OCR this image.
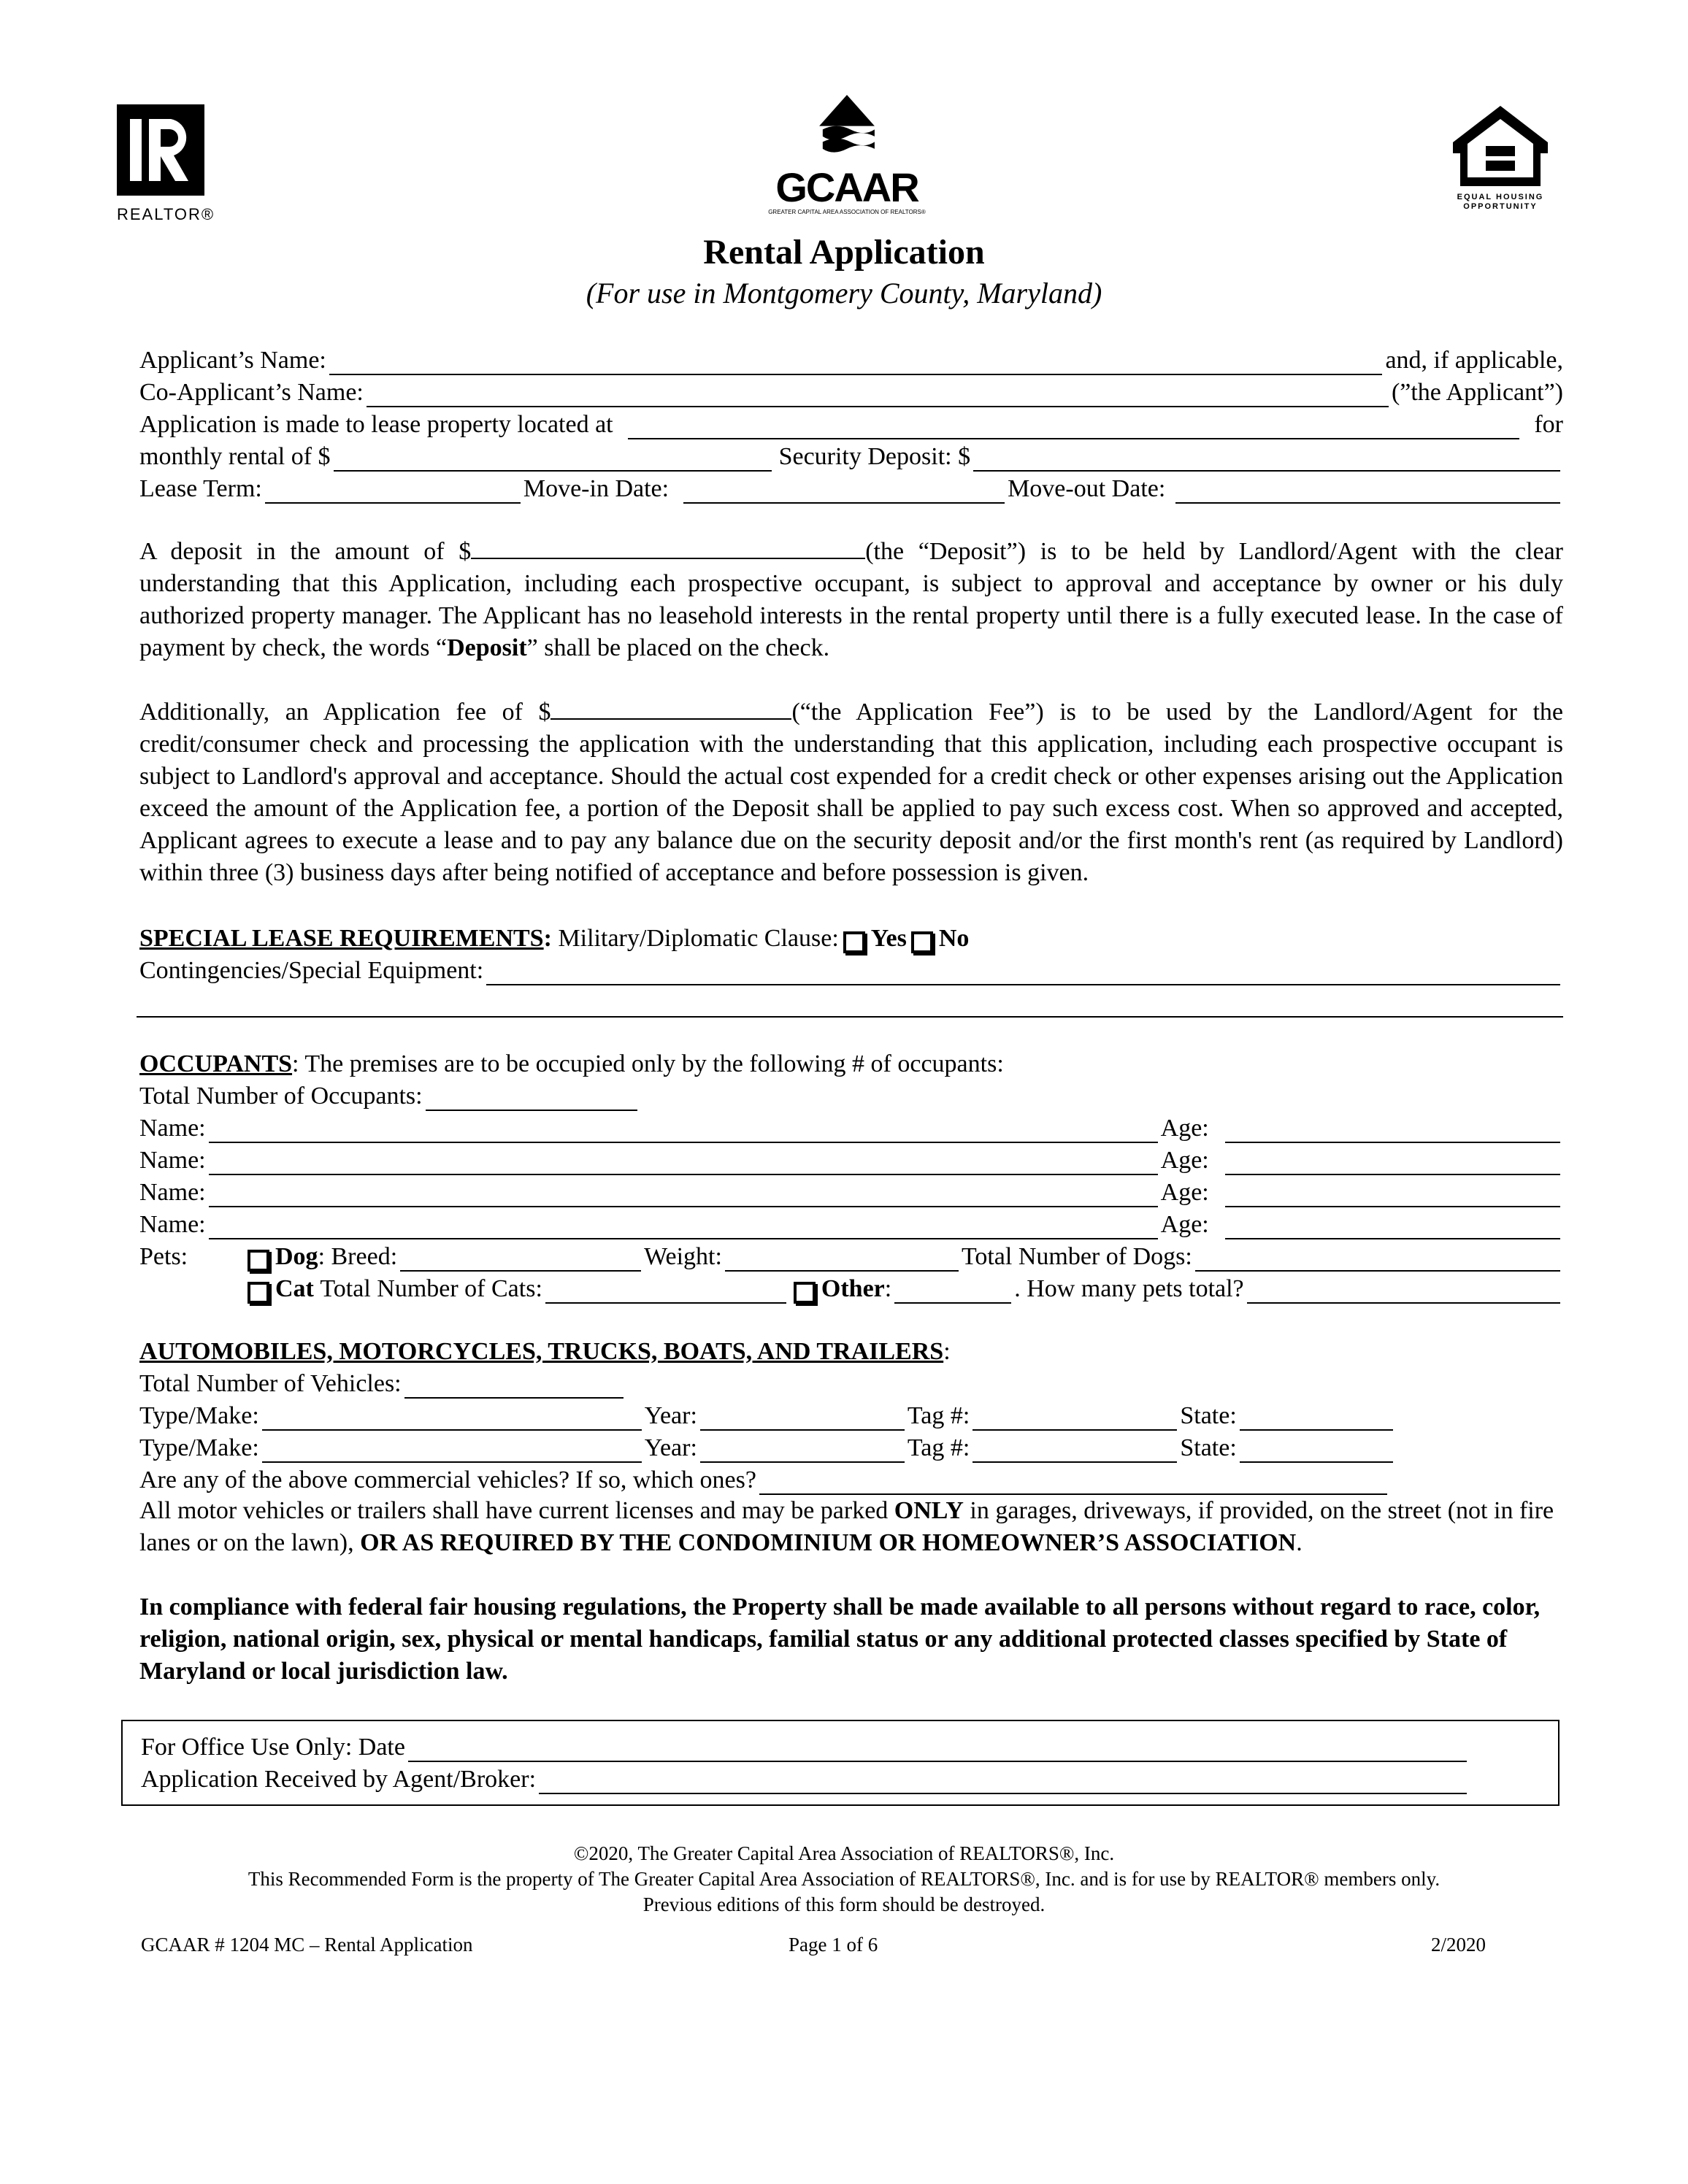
REALTOR®
GCAAR
GREATER CAPITAL AREA ASSOCIATION OF REALTORS®
EQUAL HOUSING OPPORTUNITY
Rental Application
(For use in Montgomery County, Maryland)
Applicant’s Name:	and, if applicable,
Co-Applicant’s Name:	(”the Applicant”)
Application is made to lease property located at	for
monthly rental of $	Security Deposit: $
Lease Term:	Move-in Date:	Move-out Date:

A deposit in the amount of $	(the “Deposit”) is to be held by Landlord/Agent with the clear understanding that this Application, including each prospective occupant, is subject to approval and acceptance by owner or his duly authorized property manager. The Applicant has no leasehold interests in the rental property until there is a fully executed lease. In the case of payment by check, the words “Deposit” shall be placed on the check.

Additionally, an Application fee of $	(“the Application Fee”) is to be used by the Landlord/Agent for the credit/consumer check and processing the application with the understanding that this application, including each prospective occupant is subject to Landlord's approval and acceptance. Should the actual cost expended for a credit check or other expenses arising out the Application exceed the amount of the Application fee, a portion of the Deposit shall be applied to pay such excess cost. When so approved and accepted, Applicant agrees to execute a lease and to pay any balance due on the security deposit and/or the first month's rent (as required by Landlord) within three (3) business days after being notified of acceptance and before possession is given.

SPECIAL LEASE REQUIREMENTS :
Military/Diplomatic Clause: Yes No
Contingencies/Special Equipment:
OCCUPANTS : The premises are to be occupied only by the following # of occupants:
Total Number of Occupants:
Name:	Age:
Name:	Age:
Name:	Age:
Name:	Age:
Pets:	Dog : Breed:	Weight:	Total Number of Dogs:
Cat
Total Number of Cats:	Other :	. How many pets total?
AUTOMOBILES, MOTORCYCLES, TRUCKS, BOATS, AND TRAILERS :
Total Number of Vehicles:
Type/Make:	Year:	Tag #:	State:
Type/Make:	Year:	Tag #:	State:
Are any of the above commercial vehicles? If so, which ones?

All motor vehicles or trailers shall have current licenses and may be parked ONLY in garages, driveways, if provided, on the street (not in fire lanes or on the lawn), OR AS REQUIRED BY THE CONDOMINIUM OR HOMEOWNER’S ASSOCIATION.

In compliance with federal fair housing regulations, the Property shall be made available to all persons without regard to race, color, religion, national origin, sex, physical or mental handicaps, familial status or any additional protected classes specified by State of Maryland or local jurisdiction law.

For Office Use Only: Date
Application Received by Agent/Broker:
©2020, The Greater Capital Area Association of REALTORS®, Inc.
This Recommended Form is the property of The Greater Capital Area Association of REALTORS®, Inc. and is for use by REALTOR® members only.
Previous editions of this form should be destroyed.
GCAAR # 1204 MC – Rental Application	Page 1 of 6	2/2020
